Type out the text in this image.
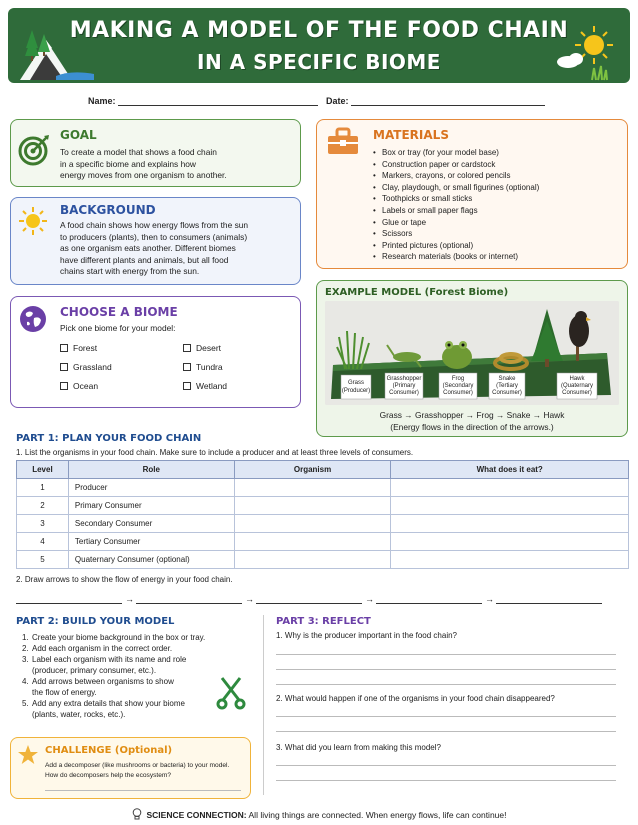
MAKING A MODEL OF THE FOOD CHAIN
IN A SPECIFIC BIOME
Name:	Date:
GOAL
To create a model that shows a food chain
in a specific biome and explains how
energy moves from one organism to another.
BACKGROUND
A food chain shows how energy flows from the sun
to producers (plants), then to consumers (animals)
as one organism eats another. Different biomes
have different plants and animals, but all food
chains start with energy from the sun.
CHOOSE A BIOME
Pick one biome for your model:
Forest	Desert
Grassland	Tundra
Ocean	Wetland
MATERIALS
• Box or tray (for your model base)
• Construction paper or cardstock
• Markers, crayons, or colored pencils
• Clay, playdough, or small figurines (optional)
• Toothpicks or small sticks
• Labels or small paper flags
• Glue or tape
• Scissors
• Printed pictures (optional)
• Research materials (books or internet)
EXAMPLE MODEL (Forest Biome)
Grass
(Producer)
Grasshopper
(Primary
Consumer)
Frog
(Secondary
Consumer)
Snake
(Tertiary
Consumer)
Hawk
(Quaternary
Consumer)
Grass → Grasshopper → Frog → Snake → Hawk
(Energy flows in the direction of the arrows.)
PART 1: PLAN YOUR FOOD CHAIN
1. List the organisms in your food chain. Make sure to include a producer and at least three levels of consumers.
Level	Role	Organism	What does it eat?
1	Producer		
2	Primary Consumer		
3	Secondary Consumer		
4	Tertiary Consumer		
5	Quaternary Consumer (optional)		
2. Draw arrows to show the flow of energy in your food chain.
→	→	→	→
PART 2: BUILD YOUR MODEL
1. Create your biome background in the box or tray.
2. Add each organism in the correct order.
3. Label each organism with its name and role
(producer, primary consumer, etc.).
4. Add arrows between organisms to show
the flow of energy.
5. Add any extra details that show your biome
(plants, water, rocks, etc.).
PART 3: REFLECT
1. Why is the producer important in the food chain?
2. What would happen if one of the organisms in your food chain disappeared?
3. What did you learn from making this model?
CHALLENGE (Optional)
Add a decomposer (like mushrooms or bacteria) to your model.
How do decomposers help the ecosystem?
SCIENCE CONNECTION: All living things are connected. When energy flows, life can continue!
